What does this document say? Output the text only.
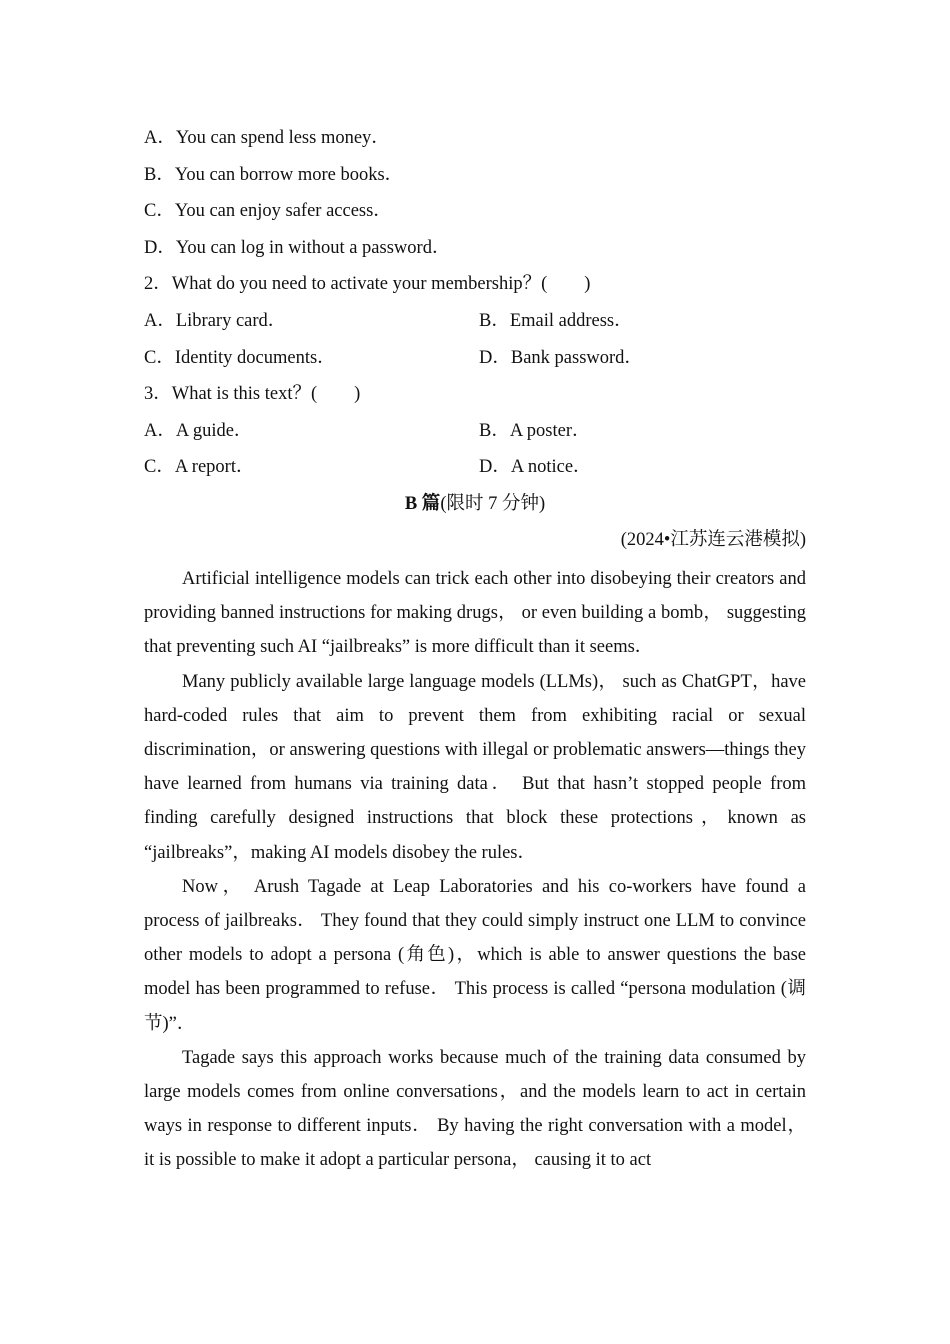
A．You can spend less money．
B．You can borrow more books．
C．You can enjoy safer access．
D．You can log in without a password．
2．What do you need to activate your membership？(　　)
A．Library card．	B．Email address．
C．Identity documents．	D．Bank password．
3．What is this text？(　　)
A．A guide．	B．A poster．
C．A report．	D．A notice．
B 篇(限时 7 分钟)
(2024•江苏连云港模拟)

Artificial intelligence models can trick each other into disobeying their creators and providing banned instructions for making drugs， or even building a bomb， suggesting that preventing such AI “jailbreaks” is more difficult than it seems．

Many publicly available large language models (LLMs)， such as ChatGPT，have hard-coded rules that aim to prevent them from exhibiting racial or sexual discrimination，or answering questions with illegal or problematic answers—things they have learned from humans via training data． But that hasn’t stopped people from finding carefully designed instructions that block these protections，known as “jailbreaks”，making AI models disobey the rules．

Now， Arush Tagade at Leap Laboratories and his co-workers have found a process of jailbreaks． They found that they could simply instruct one LLM to convince other models to adopt a persona (角色)，which is able to answer questions the base model has been programmed to refuse． This process is called “persona modulation (调节)”．

Tagade says this approach works because much of the training data consumed by large models comes from online conversations，and the models learn to act in certain ways in response to different inputs． By having the right conversation with a model， it is possible to make it adopt a particular persona， causing it to act
